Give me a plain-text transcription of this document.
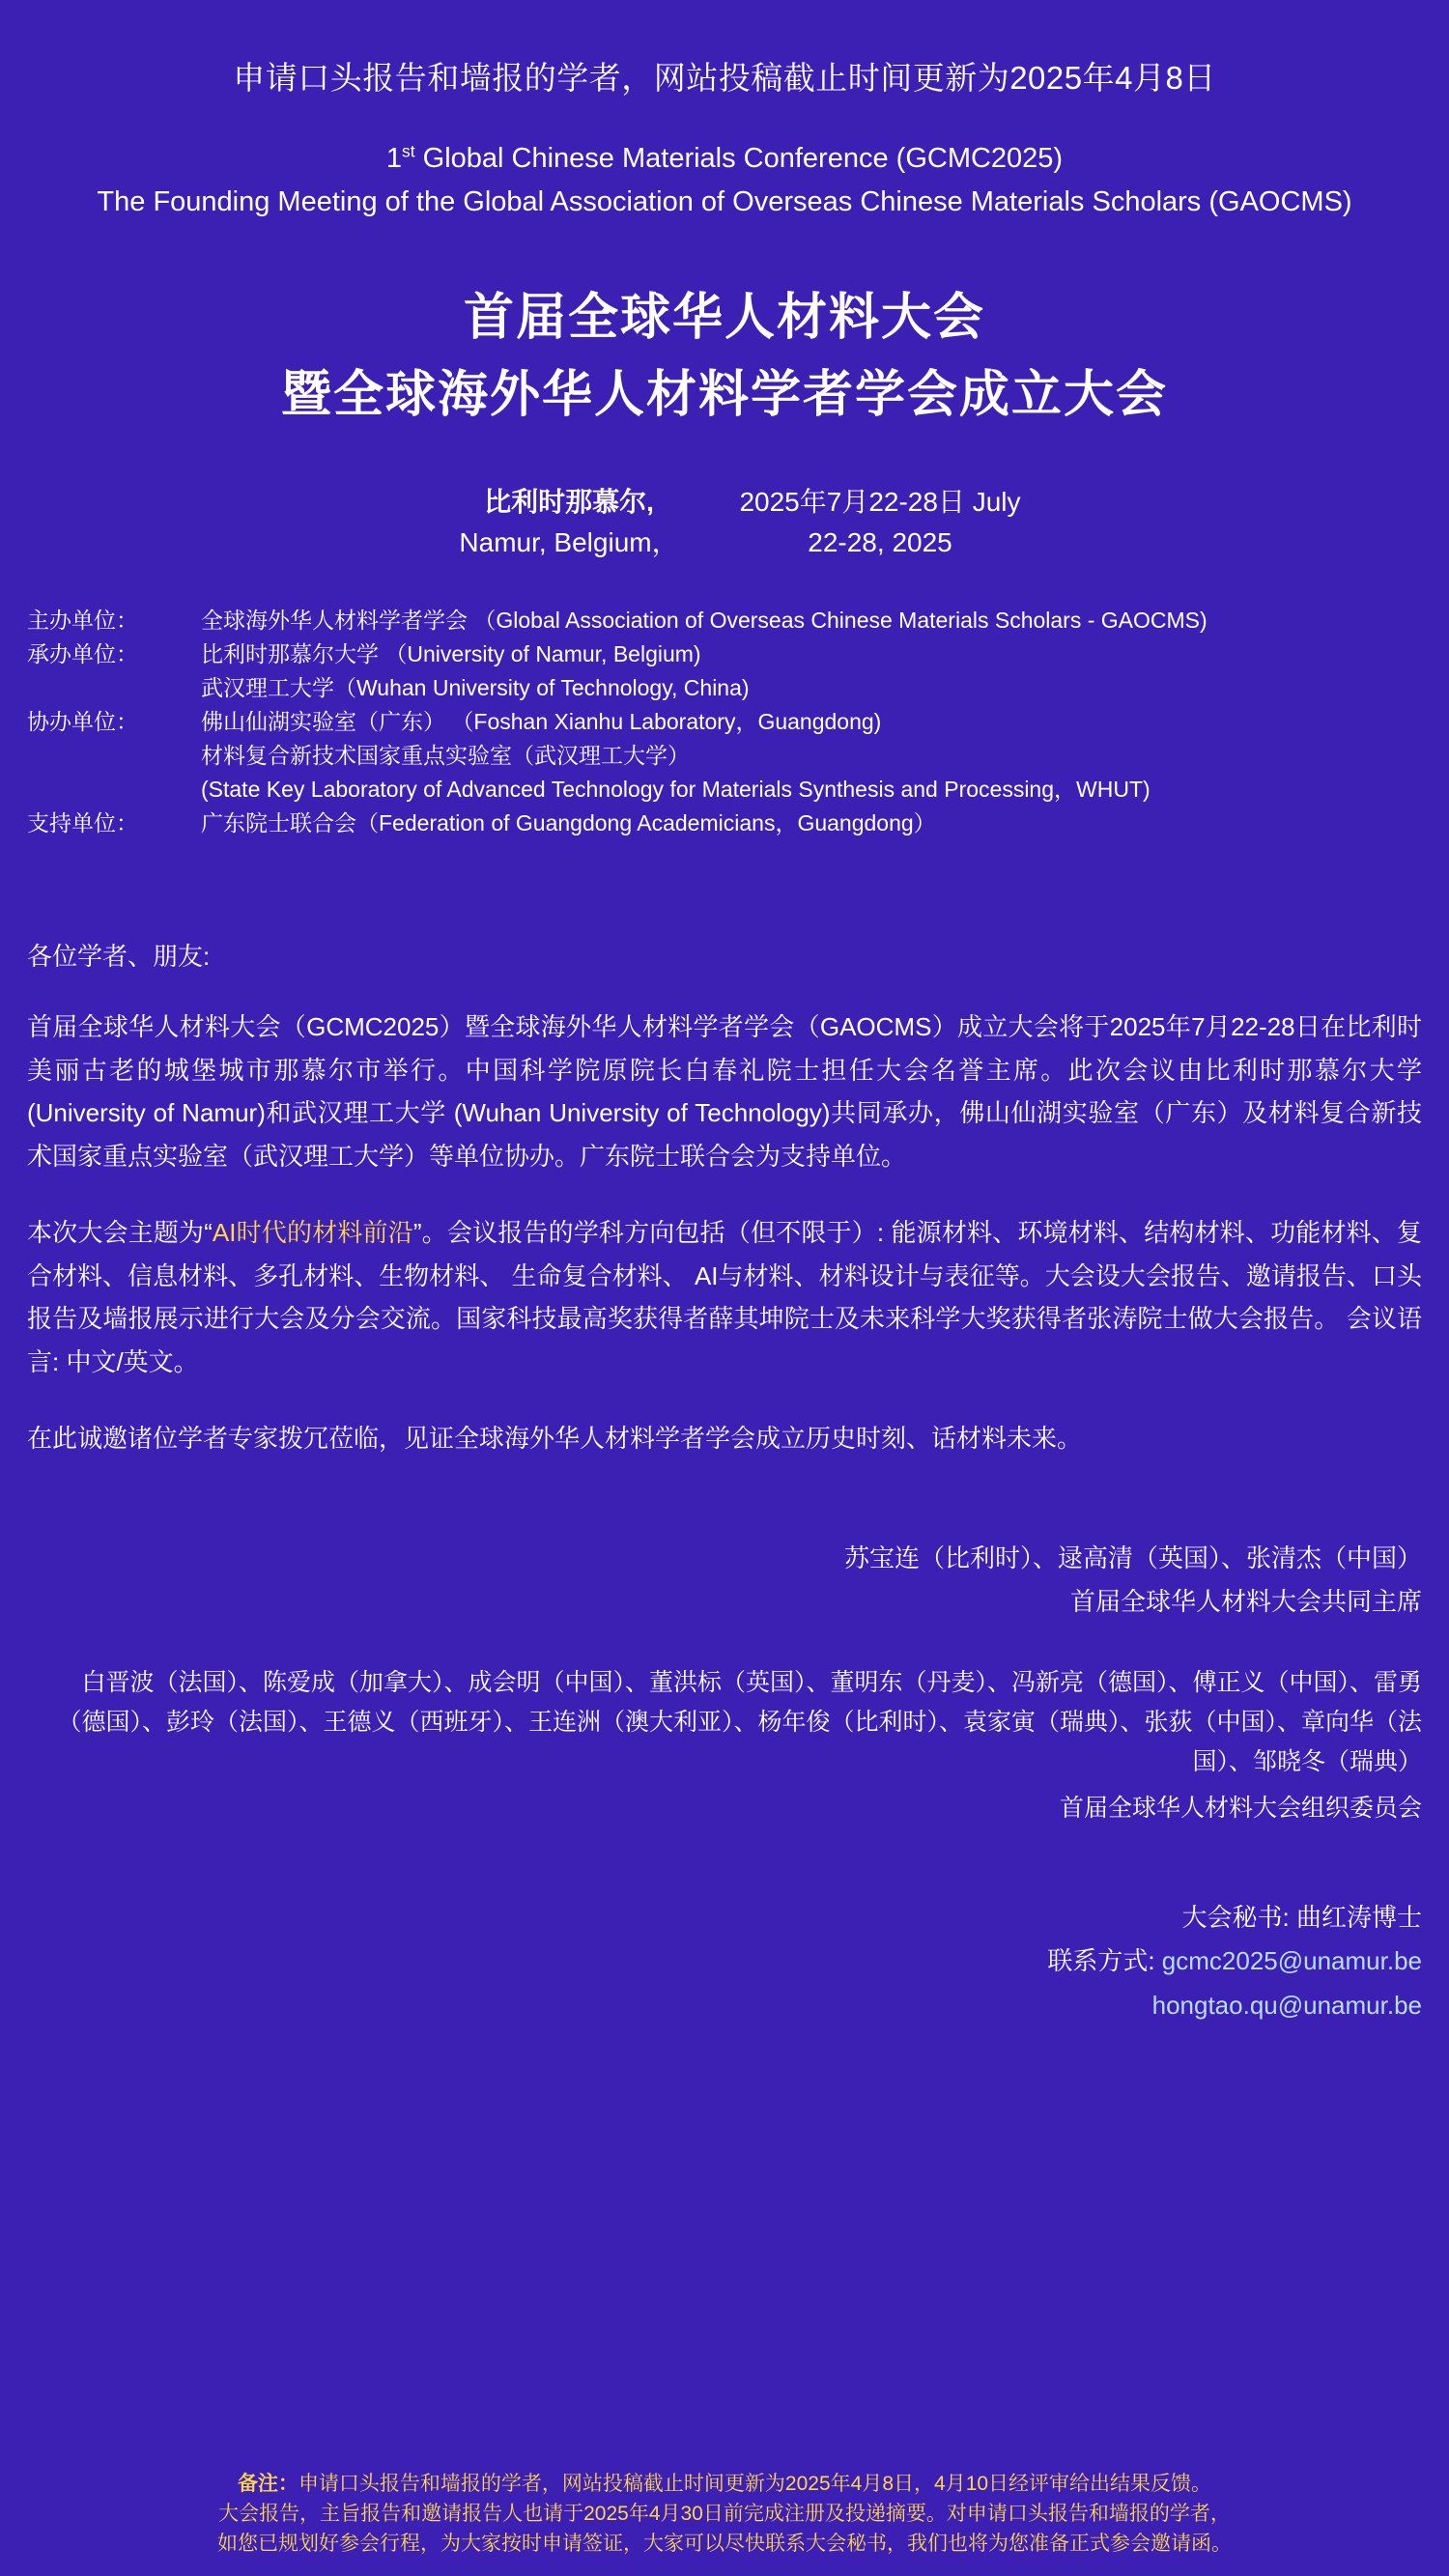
申请口头报告和墙报的学者，网站投稿截止时间更新为2025年4月8日
1st Global Chinese Materials Conference (GCMC2025)
The Founding Meeting of the Global Association of Overseas Chinese Materials Scholars (GAOCMS)
首届全球华人材料大会
暨全球海外华人材料学者学会成立大会
比利时那慕尔,
Namur, Belgium，
2025年7月22-28日 July 22-28, 2025
主办单位：	全球海外华人材料学者学会 （Global Association of Overseas Chinese Materials Scholars - GAOCMS)
承办单位：	比利时那慕尔大学 （University of Namur, Belgium)
武汉理工大学（Wuhan University of Technology, China)
协办单位：	佛山仙湖实验室（广东） （Foshan Xianhu Laboratory，Guangdong)
材料复合新技术国家重点实验室（武汉理工大学）
(State Key Laboratory of Advanced Technology for Materials Synthesis and Processing，WHUT)
支持单位：	广东院士联合会（Federation of Guangdong Academicians，Guangdong）
各位学者、朋友:
首届全球华人材料大会（GCMC2025）暨全球海外华人材料学者学会（GAOCMS）成立大会将于2025年7月22-28日在比利时美丽古老的城堡城市那慕尔市举行。中国科学院原院长白春礼院士担任大会名誉主席。此次会议由比利时那慕尔大学 (University of Namur)和武汉理工大学 (Wuhan University of Technology)共同承办，佛山仙湖实验室（广东）及材料复合新技术国家重点实验室（武汉理工大学）等单位协办。广东院士联合会为支持单位。
本次大会主题为“AI时代的材料前沿”。会议报告的学科方向包括（但不限于）: 能源材料、环境材料、结构材料、功能材料、复合材料、信息材料、多孔材料、生物材料、 生命复合材料、 AI与材料、材料设计与表征等。大会设大会报告、邀请报告、口头报告及墙报展示进行大会及分会交流。国家科技最高奖获得者薛其坤院士及未来科学大奖获得者张涛院士做大会报告。 会议语言: 中文/英文。
在此诚邀诸位学者专家拨冗莅临，见证全球海外华人材料学者学会成立历史时刻、话材料未来。
苏宝连（比利时）、逯高清（英国）、张清杰（中国）
首届全球华人材料大会共同主席
白晋波（法国）、陈爱成（加拿大）、成会明（中国）、董洪标（英国）、董明东（丹麦）、冯新亮（德国）、傅正义（中国）、雷勇（德国）、彭玲（法国）、王德义（西班牙）、王连洲（澳大利亚）、杨年俊（比利时）、袁家寅（瑞典）、张荻（中国）、章向华（法国）、邹晓冬（瑞典）
首届全球华人材料大会组织委员会
大会秘书: 曲红涛博士
联系方式: gcmc2025@unamur.be
hongtao.qu@unamur.be
备注：申请口头报告和墙报的学者，网站投稿截止时间更新为2025年4月8日，4月10日经评审给出结果反馈。
大会报告，主旨报告和邀请报告人也请于2025年4月30日前完成注册及投递摘要。对申请口头报告和墙报的学者，
如您已规划好参会行程，为大家按时申请签证，大家可以尽快联系大会秘书，我们也将为您准备正式参会邀请函。
